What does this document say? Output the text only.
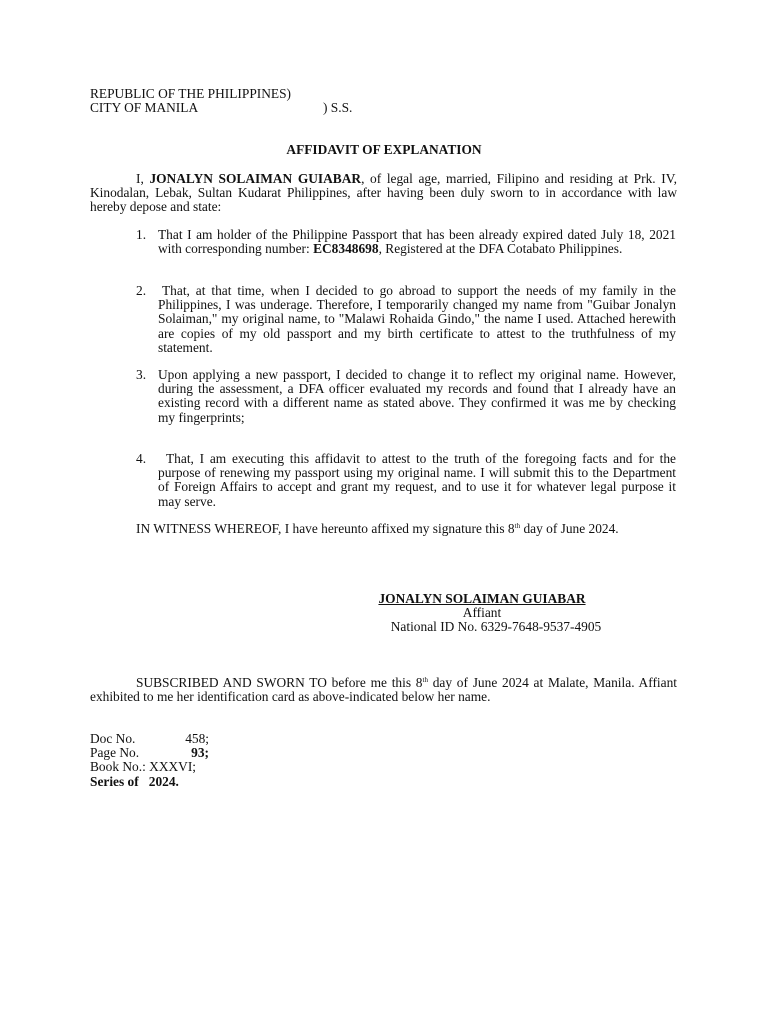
REPUBLIC OF THE PHILIPPINES)
CITY OF MANILA	) S.S.
AFFIDAVIT OF EXPLANATION
I, JONALYN SOLAIMAN GUIABAR, of legal age, married, Filipino and residing at Prk. IV, Kinodalan, Lebak, Sultan Kudarat Philippines, after having been duly sworn to in accordance with law hereby depose and state:
1. That I am holder of the Philippine Passport that has been already expired dated July 18, 2021 with corresponding number: EC8348698, Registered at the DFA Cotabato Philippines.
2. That, at that time, when I decided to go abroad to support the needs of my family in the Philippines, I was underage. Therefore, I temporarily changed my name from "Guibar Jonalyn Solaiman," my original name, to "Malawi Rohaida Gindo," the name I used. Attached herewith are copies of my old passport and my birth certificate to attest to the truthfulness of my statement.
3. Upon applying a new passport, I decided to change it to reflect my original name. However, during the assessment, a DFA officer evaluated my records and found that I already have an existing record with a different name as stated above. They confirmed it was me by checking my fingerprints;
4.	That, I am executing this affidavit to attest to the truth of the foregoing facts and for the purpose of renewing my passport using my original name. I will submit this to the Department of Foreign Affairs to accept and grant my request, and to use it for whatever legal purpose it may serve.
IN WITNESS WHEREOF, I have hereunto affixed my signature this 8th day of June 2024.
JONALYN SOLAIMAN GUIABAR
Affiant
National ID No. 6329-7648-9537-4905
SUBSCRIBED AND SWORN TO before me this 8th day of June 2024 at Malate, Manila. Affiant exhibited to me her identification card as above-indicated below her name.
Doc No.	458;
Page No.	93;
Book No.: XXXVI;
Series of 2024.
